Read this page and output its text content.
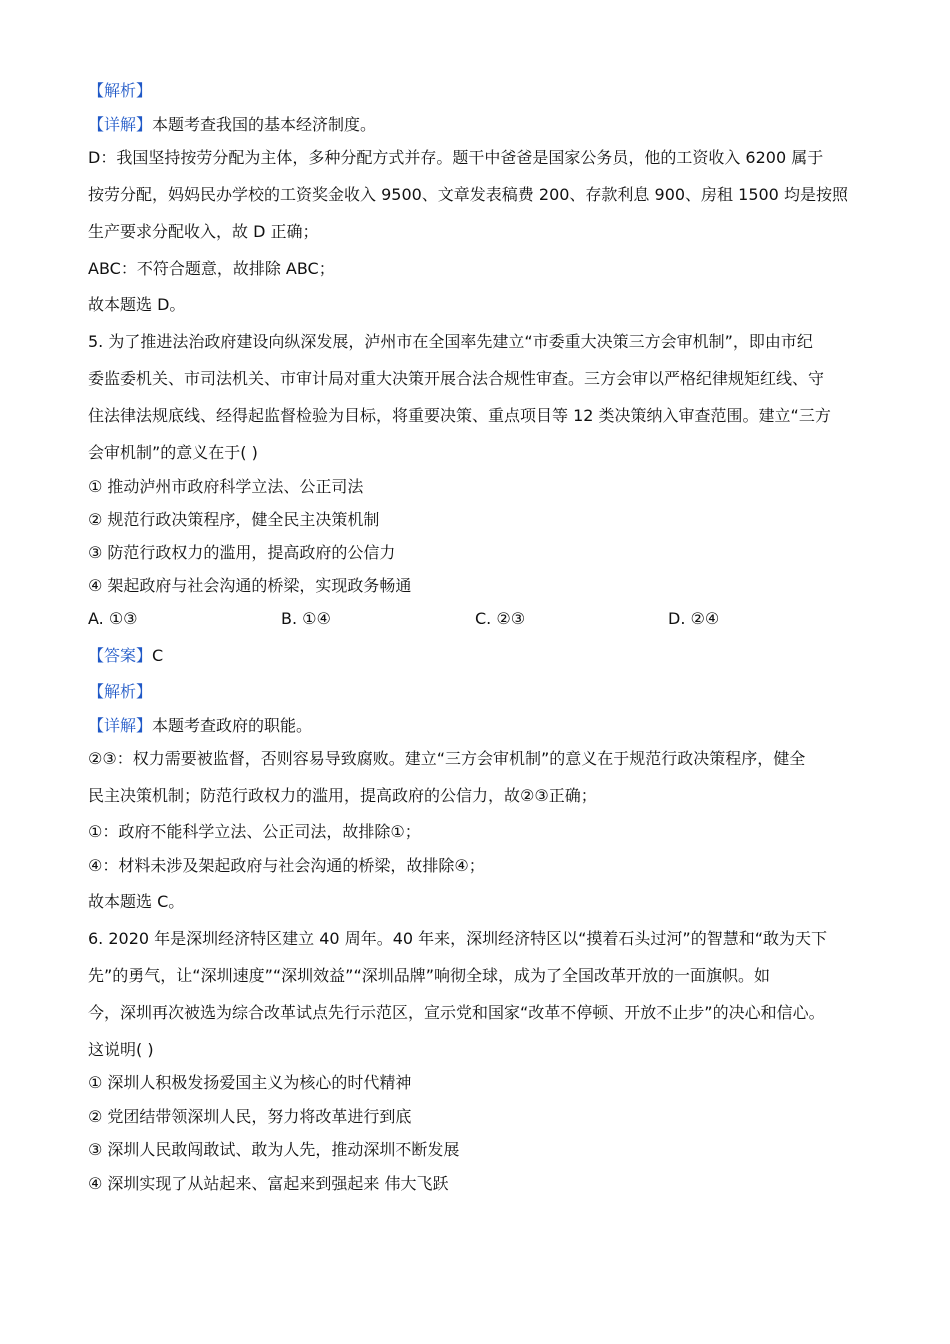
【解析】

【详解】本题考查我国的基本经济制度。

D：我国坚持按劳分配为主体，多种分配方式并存。题干中爸爸是国家公务员，他的工资收入 6200 属于

按劳分配，妈妈民办学校的工资奖金收入 9500、文章发表稿费 200、存款利息 900、房租 1500 均是按照

生产要求分配收入，故 D 正确；

ABC：不符合题意，故排除 ABC；

故本题选 D。

5. 为了推进法治政府建设向纵深发展，泸州市在全国率先建立“市委重大决策三方会审机制”，即由市纪

委监委机关、市司法机关、市审计局对重大决策开展合法合规性审查。三方会审以严格纪律规矩红线、守

住法律法规底线、经得起监督检验为目标，将重要决策、重点项目等 12 类决策纳入审查范围。建立“三方

会审机制”的意义在于( )

① 推动泸州市政府科学立法、公正司法

② 规范行政决策程序，健全民主决策机制

③ 防范行政权力的滥用，提高政府的公信力

④ 架起政府与社会沟通的桥梁，实现政务畅通

A. ①③	B. ①④	C. ②③	D. ②④

【答案】C

【解析】

【详解】本题考查政府的职能。

②③：权力需要被监督，否则容易导致腐败。建立“三方会审机制”的意义在于规范行政决策程序，健全

民主决策机制；防范行政权力的滥用，提高政府的公信力，故②③正确；

①：政府不能科学立法、公正司法，故排除①；

④：材料未涉及架起政府与社会沟通的桥梁，故排除④；

故本题选 C。

6. 2020 年是深圳经济特区建立 40 周年。40 年来，深圳经济特区以“摸着石头过河”的智慧和“敢为天下

先”的勇气，让“深圳速度”“深圳效益”“深圳品牌”响彻全球，成为了全国改革开放的一面旗帜。如

今，深圳再次被选为综合改革试点先行示范区，宣示党和国家“改革不停顿、开放不止步”的决心和信心。

这说明( )

① 深圳人积极发扬爱国主义为核心的时代精神

② 党团结带领深圳人民，努力将改革进行到底

③ 深圳人民敢闯敢试、敢为人先，推动深圳不断发展

④ 深圳实现了从站起来、富起来到强起来 伟大飞跃
